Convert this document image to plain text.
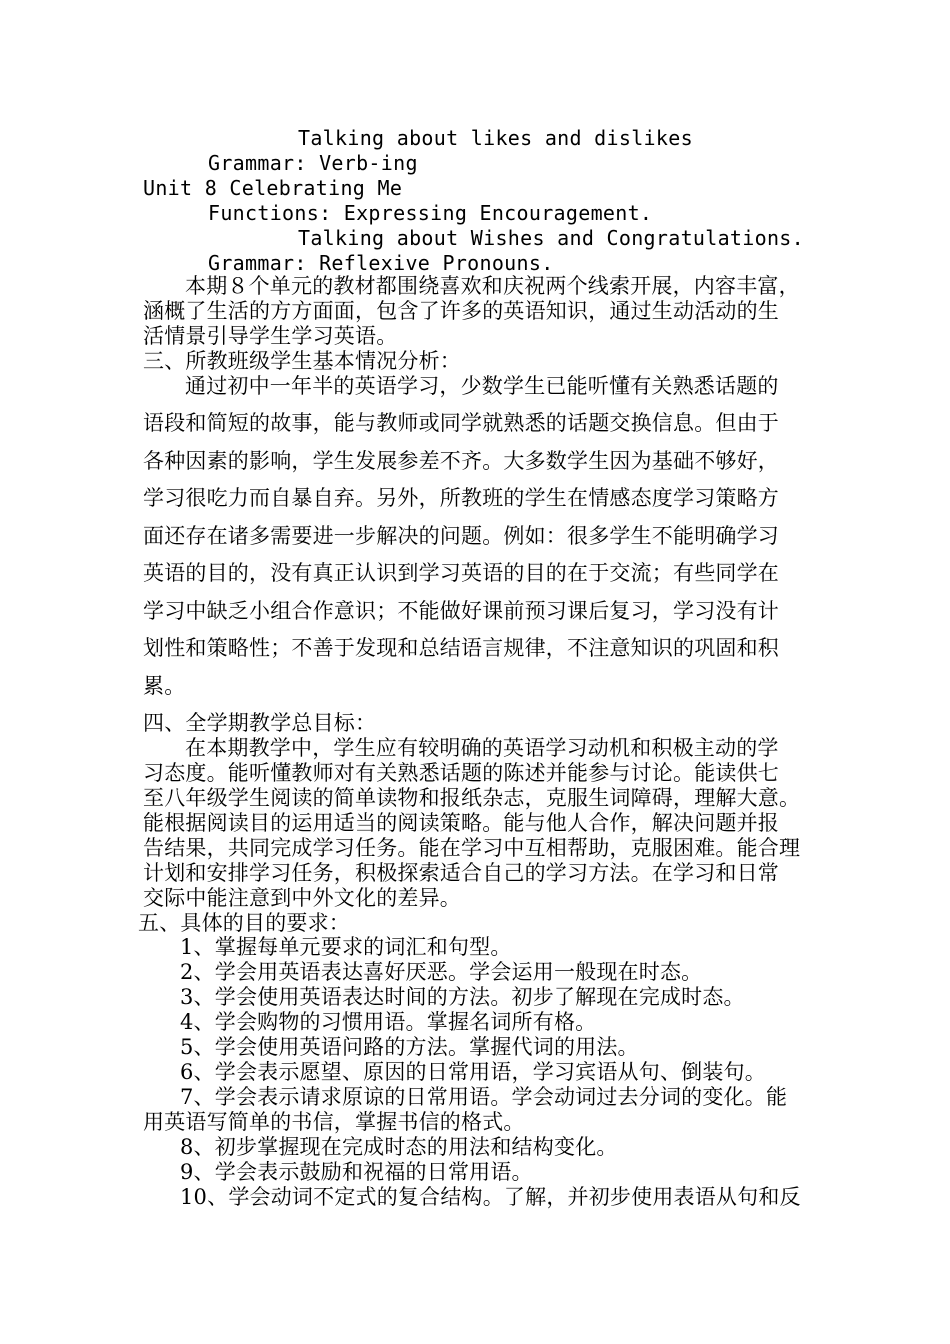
Talking about likes and dislikes

Grammar: Verb-ing

Unit 8 Celebrating Me

Functions: Expressing Encouragement.

Talking about Wishes and Congratulations.

Grammar: Reflexive Pronouns.

本期８个单元的教材都围绕喜欢和庆祝两个线索开展，内容丰富，

涵概了生活的方方面面，包含了许多的英语知识，通过生动活动的生

活情景引导学生学习英语。

三、所教班级学生基本情况分析：

通过初中一年半的英语学习，少数学生已能听懂有关熟悉话题的

语段和简短的故事，能与教师或同学就熟悉的话题交换信息。但由于

各种因素的影响，学生发展参差不齐。大多数学生因为基础不够好，

学习很吃力而自暴自弃。另外，所教班的学生在情感态度学习策略方

面还存在诸多需要进一步解决的问题。例如：很多学生不能明确学习

英语的目的，没有真正认识到学习英语的目的在于交流；有些同学在

学习中缺乏小组合作意识；不能做好课前预习课后复习，学习没有计

划性和策略性；不善于发现和总结语言规律，不注意知识的巩固和积

累。

四、全学期教学总目标：

在本期教学中，学生应有较明确的英语学习动机和积极主动的学

习态度。能听懂教师对有关熟悉话题的陈述并能参与讨论。能读供七

至八年级学生阅读的简单读物和报纸杂志，克服生词障碍，理解大意。

能根据阅读目的运用适当的阅读策略。能与他人合作，解决问题并报

告结果，共同完成学习任务。能在学习中互相帮助，克服困难。能合理

计划和安排学习任务，积极探索适合自己的学习方法。在学习和日常

交际中能注意到中外文化的差异。

五、具体的目的要求：

1、掌握每单元要求的词汇和句型。

2、学会用英语表达喜好厌恶。学会运用一般现在时态。

3、学会使用英语表达时间的方法。初步了解现在完成时态。

4、学会购物的习惯用语。掌握名词所有格。

5、学会使用英语问路的方法。掌握代词的用法。

6、学会表示愿望、原因的日常用语，学习宾语从句、倒装句。

7、学会表示请求原谅的日常用语。学会动词过去分词的变化。能

用英语写简单的书信，掌握书信的格式。

8、初步掌握现在完成时态的用法和结构变化。

9、学会表示鼓励和祝福的日常用语。

10、学会动词不定式的复合结构。了解，并初步使用表语从句和反
